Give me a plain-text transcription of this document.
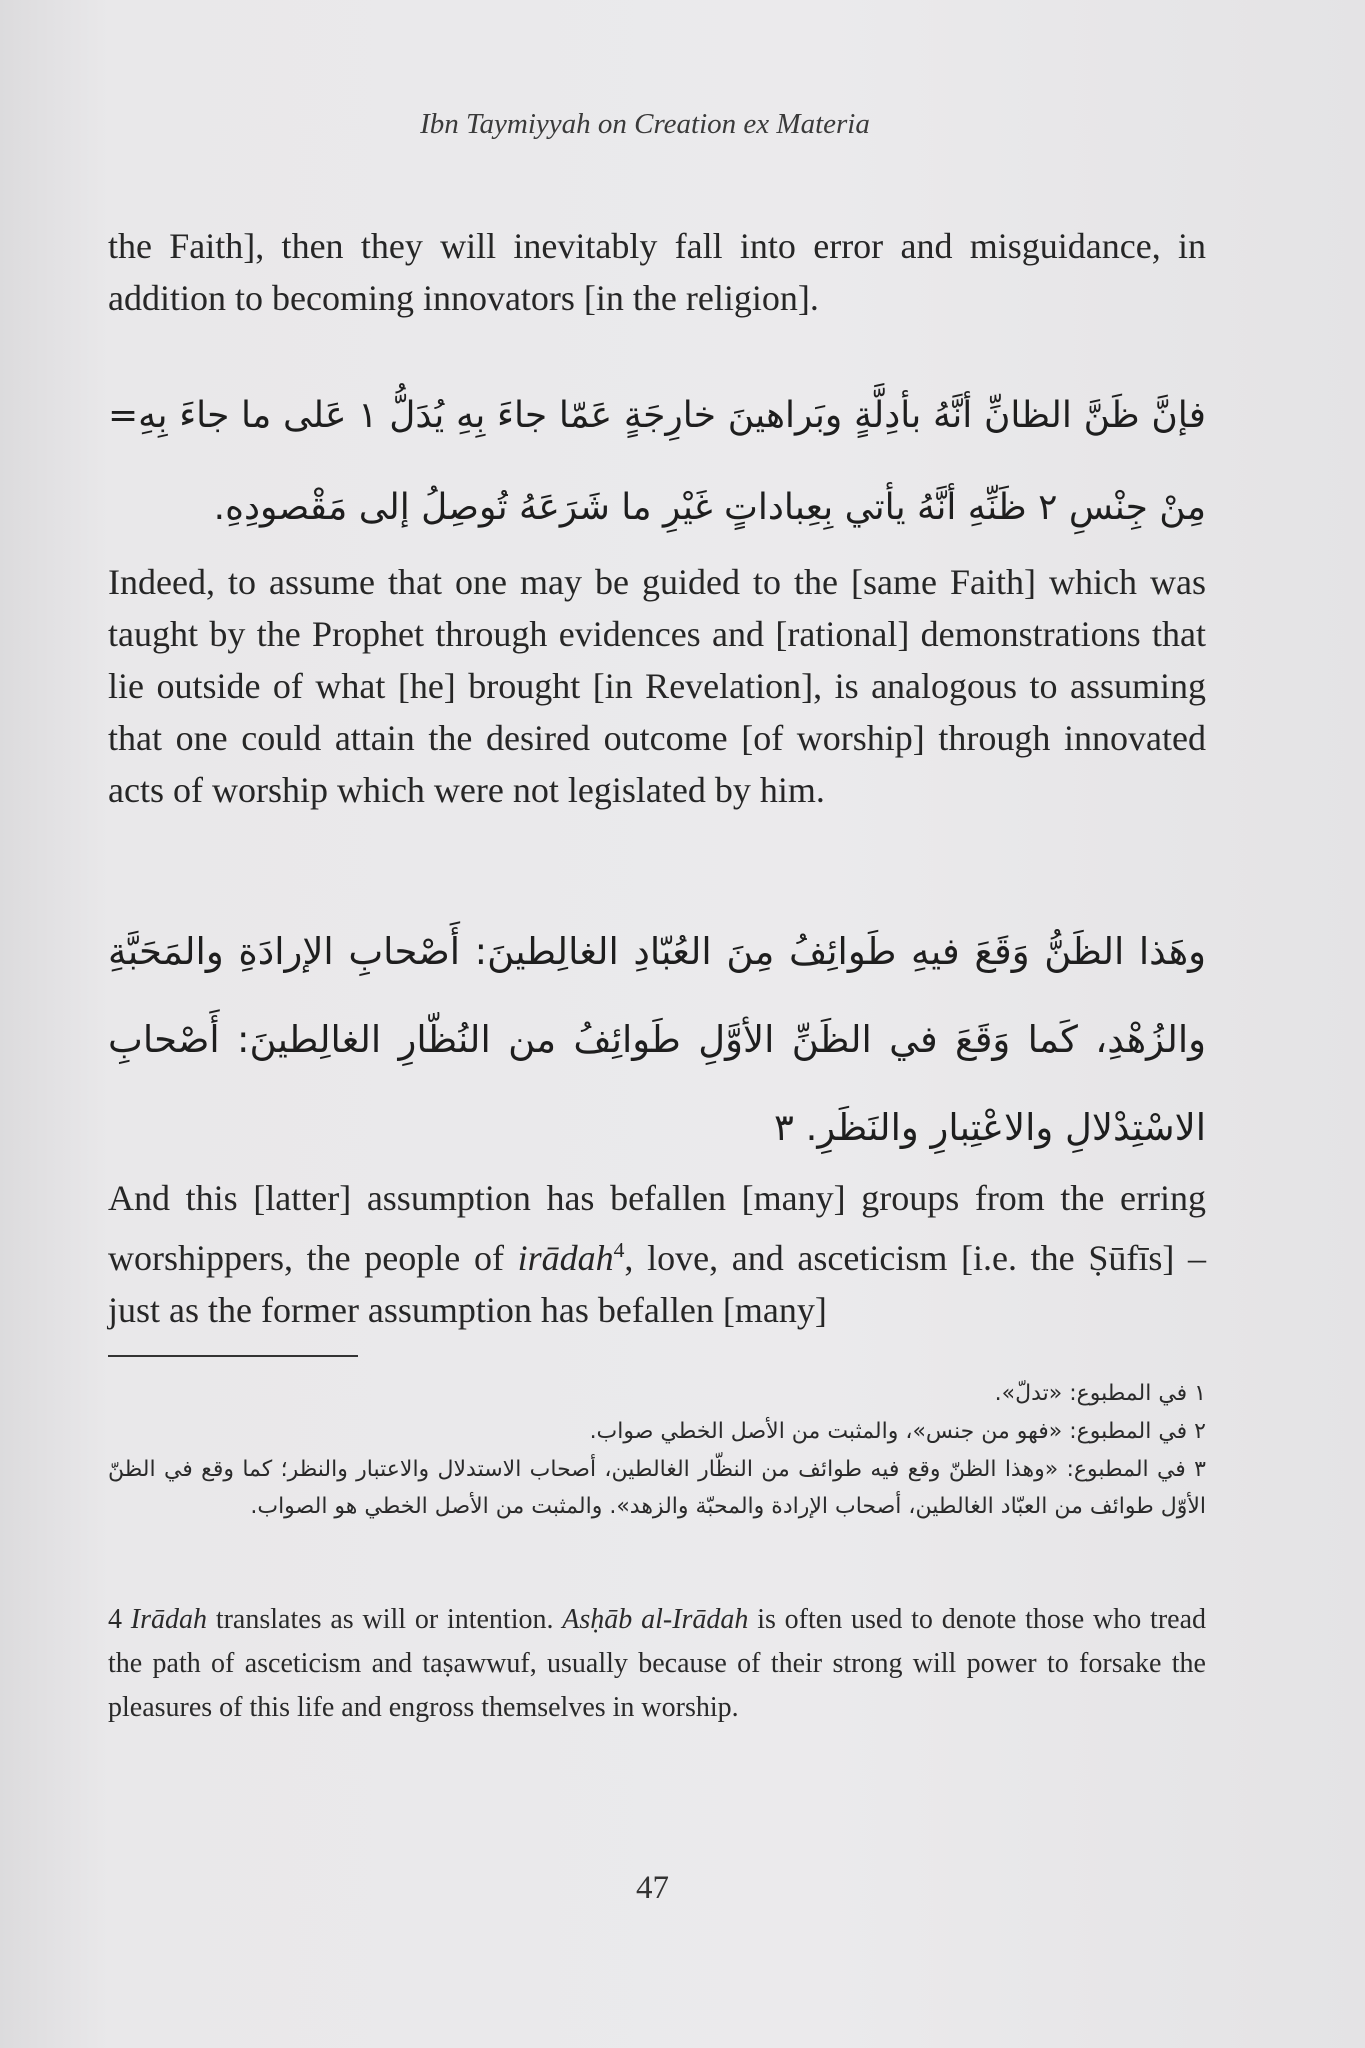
Ibn Taymiyyah on Creation ex Materia

the Faith], then they will inevitably fall into error and misguidance, in addition to becoming innovators [in the religion].

فإنَّ ظَنَّ الظانِّ أنَّهُ بأدِلَّةٍ وبَراهينَ خارِجَةٍ عَمّا جاءَ بِهِ يُدَلُّ ١ عَلى ما جاءَ بِهِ= مِنْ جِنْسِ ٢ ظَنِّهِ أنَّهُ يأتي بِعِباداتٍ غَيْرِ ما شَرَعَهُ تُوصِلُ إلى مَقْصودِهِ.

Indeed, to assume that one may be guided to the [same Faith] which was taught by the Prophet through evidences and [rational] demonstrations that lie outside of what [he] brought [in Revelation], is analogous to assuming that one could attain the desired outcome [of worship] through innovated acts of worship which were not legislated by him.

وهَذا الظَنُّ وَقَعَ فيهِ طَوائِفُ مِنَ العُبّادِ الغالِطينَ: أَصْحابِ الإرادَةِ والمَحَبَّةِ والزُهْدِ، كَما وَقَعَ في الظَنِّ الأوَّلِ طَوائِفُ من النُظّارِ الغالِطينَ: أَصْحابِ الاسْتِدْلالِ والاعْتِبارِ والنَظَرِ. ٣

And this [latter] assumption has befallen [many] groups from the erring worshippers, the people of irādah$^4$, love, and asceticism [i.e. the Ṣūfīs] – just as the former assumption has befallen [many]

١ في المطبوع: «تدلّ».

٢ في المطبوع: «فهو من جنس»، والمثبت من الأصل الخطي صواب.

٣ في المطبوع: «وهذا الظنّ وقع فيه طوائف من النظّار الغالطين، أصحاب الاستدلال والاعتبار والنظر؛ كما وقع في الظنّ الأوّل طوائف من العبّاد الغالطين، أصحاب الإرادة والمحبّة والزهد». والمثبت من الأصل الخطي هو الصواب.

4 Irādah translates as will or intention. Asḥāb al-Irādah is often used to denote those who tread the path of asceticism and taṣawwuf, usually because of their strong will power to forsake the pleasures of this life and engross themselves in worship.

47
